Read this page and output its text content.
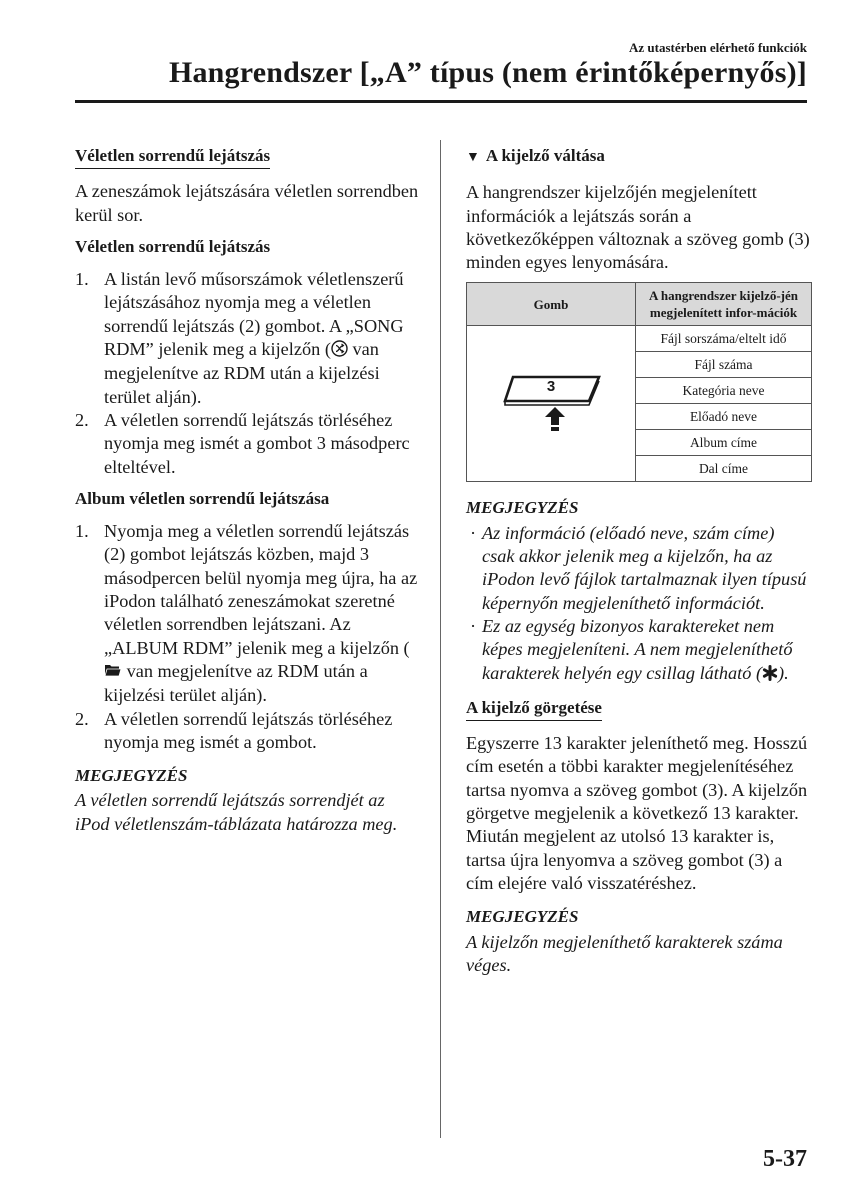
Az utastérben elérhető funkciók
Hangrendszer [„A” típus (nem érintőképernyős)]
Véletlen sorrendű lejátszás

A zeneszámok lejátszására véletlen sorrendben kerül sor.

Véletlen sorrendű lejátszás
1. A listán levő műsorszámok véletlenszerű lejátszásához nyomja meg a véletlen sorrendű lejátszás (2) gombot. A „SONG RDM” jelenik meg a kijelzőn ( van megjelenítve az RDM után a kijelzési terület alján).
2. A véletlen sorrendű lejátszás törléséhez nyomja meg ismét a gombot 3 másodperc elteltével.
Album véletlen sorrendű lejátszása
1. Nyomja meg a véletlen sorrendű lejátszás (2) gombot lejátszás közben, majd 3 másodpercen belül nyomja meg újra, ha az iPodon található zeneszámokat szeretné véletlen sorrendben lejátszani. Az „ALBUM RDM” jelenik meg a kijelzőn ( van megjelenítve az RDM után a kijelzési terület alján).
2. A véletlen sorrendű lejátszás törléséhez nyomja meg ismét a gombot.
MEGJEGYZÉS

A véletlen sorrendű lejátszás sorrendjét az iPod véletlenszám-táblázata határozza meg.

▼ A kijelző váltása

A hangrendszer kijelzőjén megjelenített információk a lejátszás során a következőképpen változnak a szöveg gomb (3) minden egyes lenyomására.

Gomb	A hangrendszer kijelző-jén megjelenített infor-mációk

3	Fájl sorszáma/eltelt idő
	Fájl száma
	Kategória neve
	Előadó neve
	Album címe
	Dal címe
MEGJEGYZÉS
· Az információ (előadó neve, szám címe) csak akkor jelenik meg a kijelzőn, ha az iPodon levő fájlok tartalmaznak ilyen típusú képernyőn megjeleníthető információt.
· Ez az egység bizonyos karaktereket nem képes megjeleníteni. A nem megjeleníthető karakterek helyén egy csillag látható ( ).
A kijelző görgetése

Egyszerre 13 karakter jeleníthető meg. Hosszú cím esetén a többi karakter megjelenítéséhez tartsa nyomva a szöveg gombot (3). A kijelzőn görgetve megjelenik a következő 13 karakter. Miután megjelent az utolsó 13 karakter is, tartsa újra lenyomva a szöveg gombot (3) a cím elejére való visszatéréshez.

MEGJEGYZÉS

A kijelzőn megjeleníthető karakterek száma véges.

5-37
